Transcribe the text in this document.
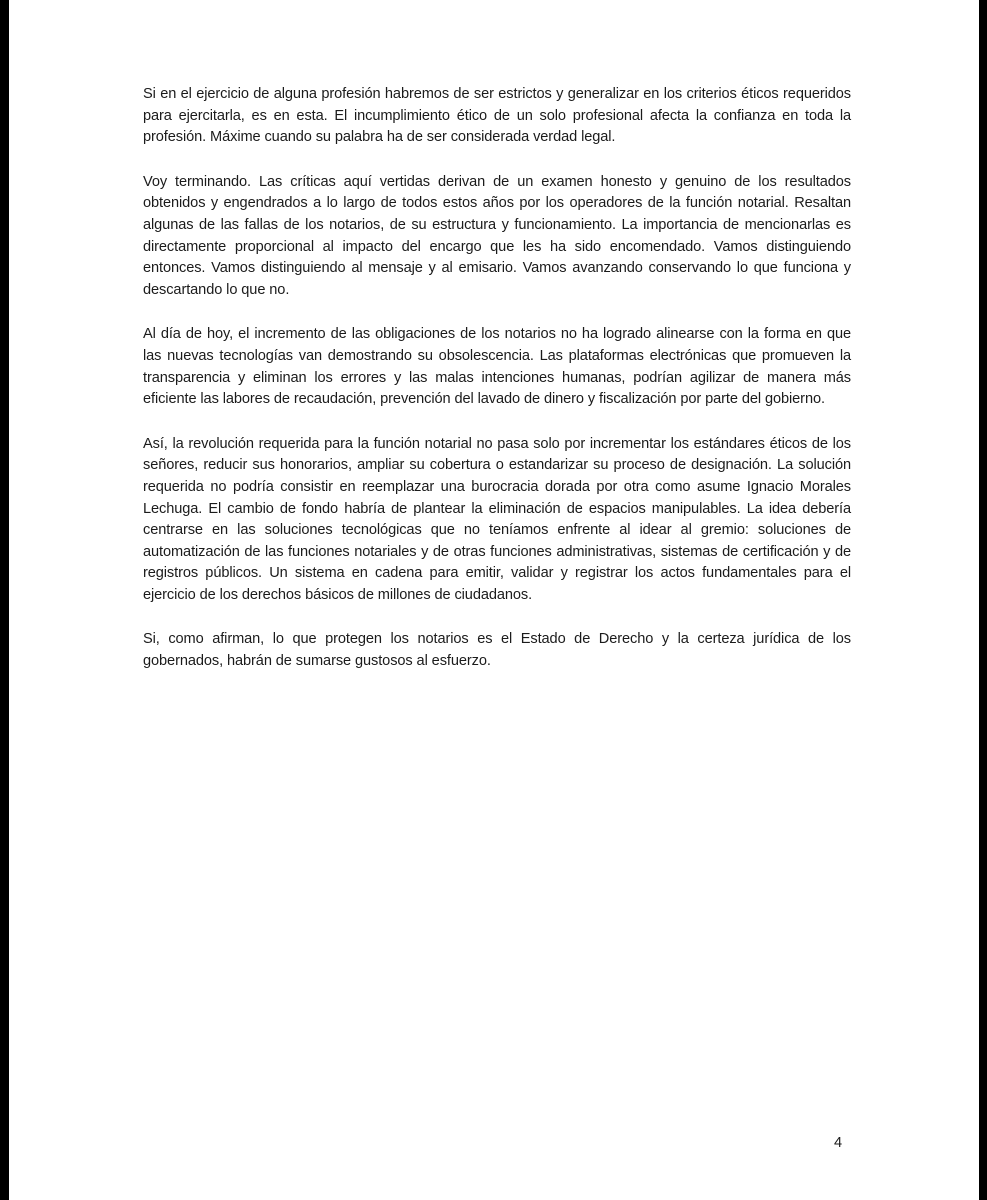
Si en el ejercicio de alguna profesión habremos de ser estrictos y generalizar en los criterios éticos requeridos para ejercitarla, es en esta. El incumplimiento ético de un solo profesional afecta la confianza en toda la profesión. Máxime cuando su palabra ha de ser considerada verdad legal.

Voy terminando. Las críticas aquí vertidas derivan de un examen honesto y genuino de los resultados obtenidos y engendrados a lo largo de todos estos años por los operadores de la función notarial. Resaltan algunas de las fallas de los notarios, de su estructura y funcionamiento. La importancia de mencionarlas es directamente proporcional al impacto del encargo que les ha sido encomendado. Vamos distinguiendo entonces. Vamos distinguiendo al mensaje y al emisario. Vamos avanzando conservando lo que funciona y descartando lo que no.

Al día de hoy, el incremento de las obligaciones de los notarios no ha logrado alinearse con la forma en que las nuevas tecnologías van demostrando su obsolescencia. Las plataformas electrónicas que promueven la transparencia y eliminan los errores y las malas intenciones humanas, podrían agilizar de manera más eficiente las labores de recaudación, prevención del lavado de dinero y fiscalización por parte del gobierno.

Así, la revolución requerida para la función notarial no pasa solo por incrementar los estándares éticos de los señores, reducir sus honorarios, ampliar su cobertura o estandarizar su proceso de designación. La solución requerida no podría consistir en reemplazar una burocracia dorada por otra como asume Ignacio Morales Lechuga. El cambio de fondo habría de plantear la eliminación de espacios manipulables. La idea debería centrarse en las soluciones tecnológicas que no teníamos enfrente al idear al gremio: soluciones de automatización de las funciones notariales y de otras funciones administrativas, sistemas de certificación y de registros públicos. Un sistema en cadena para emitir, validar y registrar los actos fundamentales para el ejercicio de los derechos básicos de millones de ciudadanos.

Si, como afirman, lo que protegen los notarios es el Estado de Derecho y la certeza jurídica de los gobernados, habrán de sumarse gustosos al esfuerzo.

4
